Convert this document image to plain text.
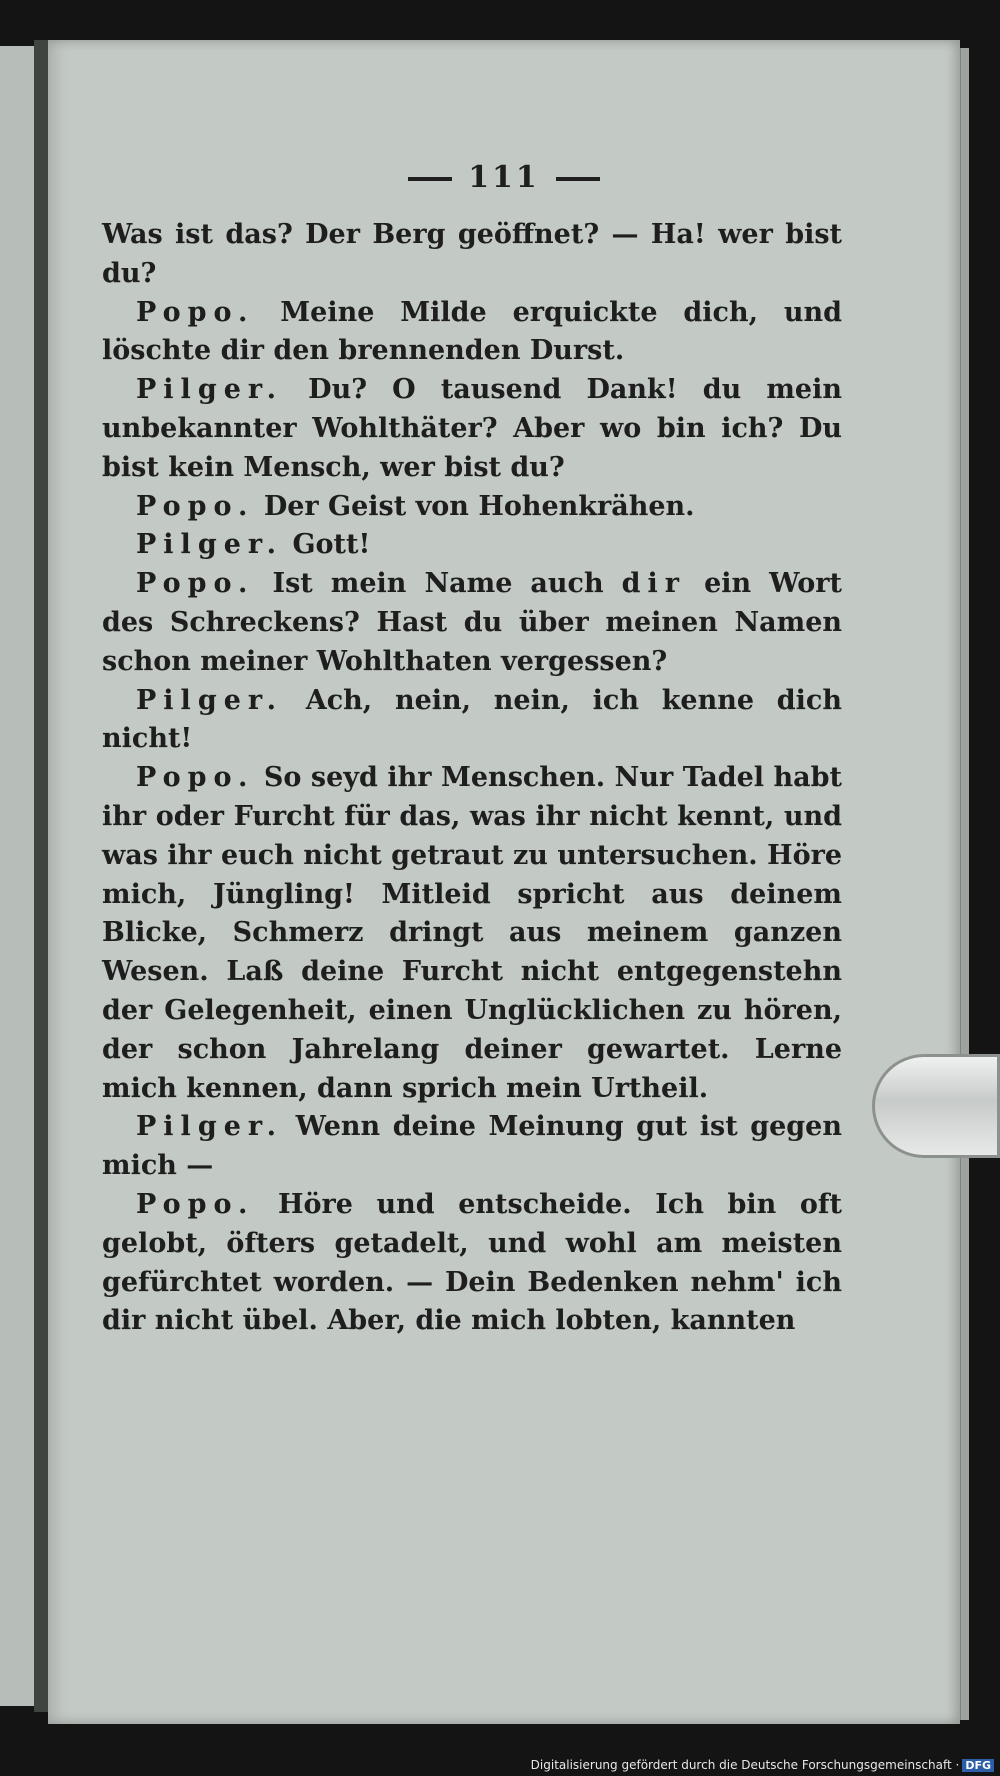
111

Was ist das? Der Berg geöffnet? — Ha! wer bist du?

Popo. Meine Milde erquickte dich, und löschte dir den brennenden Durst.

Pilger. Du? O tausend Dank! du mein unbekannter Wohlthäter? Aber wo bin ich? Du bist kein Mensch, wer bist du?

Popo. Der Geist von Hohenkrähen.

Pilger. Gott!

Popo. Ist mein Name auch dir ein Wort des Schreckens? Hast du über meinen Namen schon meiner Wohlthaten vergessen?

Pilger. Ach, nein, nein, ich kenne dich nicht!

Popo. So seyd ihr Menschen. Nur Tadel habt ihr oder Furcht für das, was ihr nicht kennt, und was ihr euch nicht getraut zu untersuchen. Höre mich, Jüngling! Mitleid spricht aus deinem Blicke, Schmerz dringt aus meinem ganzen Wesen. Laß deine Furcht nicht entgegenstehn der Gelegenheit, einen Unglücklichen zu hören, der schon Jahrelang deiner gewartet. Lerne mich kennen, dann sprich mein Urtheil.

Pilger. Wenn deine Meinung gut ist gegen mich —

Popo. Höre und entscheide. Ich bin oft gelobt, öfters getadelt, und wohl am meisten gefürchtet worden. — Dein Bedenken nehm' ich dir nicht übel. Aber, die mich lobten, kannten

Digitalisierung gefördert durch die Deutsche Forschungsgemeinschaft · DFG
